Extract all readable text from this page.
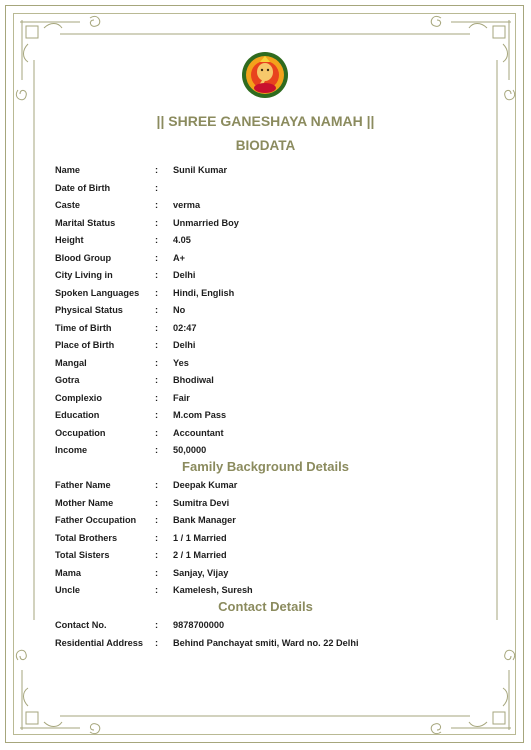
|| SHREE GANESHAYA NAMAH ||
BIODATA
Name	: Sunil Kumar
Date of Birth	:
Caste	: verma
Marital Status	: Unmarried Boy
Height	: 4.05
Blood Group	: A+
City Living in	: Delhi
Spoken Languages : Hindi, English
Physical Status	: No
Time of Birth	: 02:47
Place of Birth	: Delhi
Mangal	: Yes
Gotra	: Bhodiwal
Complexio	: Fair
Education	: M.com Pass
Occupation	: Accountant
Income	: 50,0000
Family Background Details
Father Name	: Deepak Kumar
Mother Name	: Sumitra Devi
Father Occupation : Bank Manager
Total Brothers	: 1 / 1 Married
Total Sisters	: 2 / 1 Married
Mama	: Sanjay, Vijay
Uncle	: Kamelesh, Suresh
Contact Details
Contact No.	: 9878700000
Residential Address : Behind Panchayat smiti, Ward no. 22 Delhi
